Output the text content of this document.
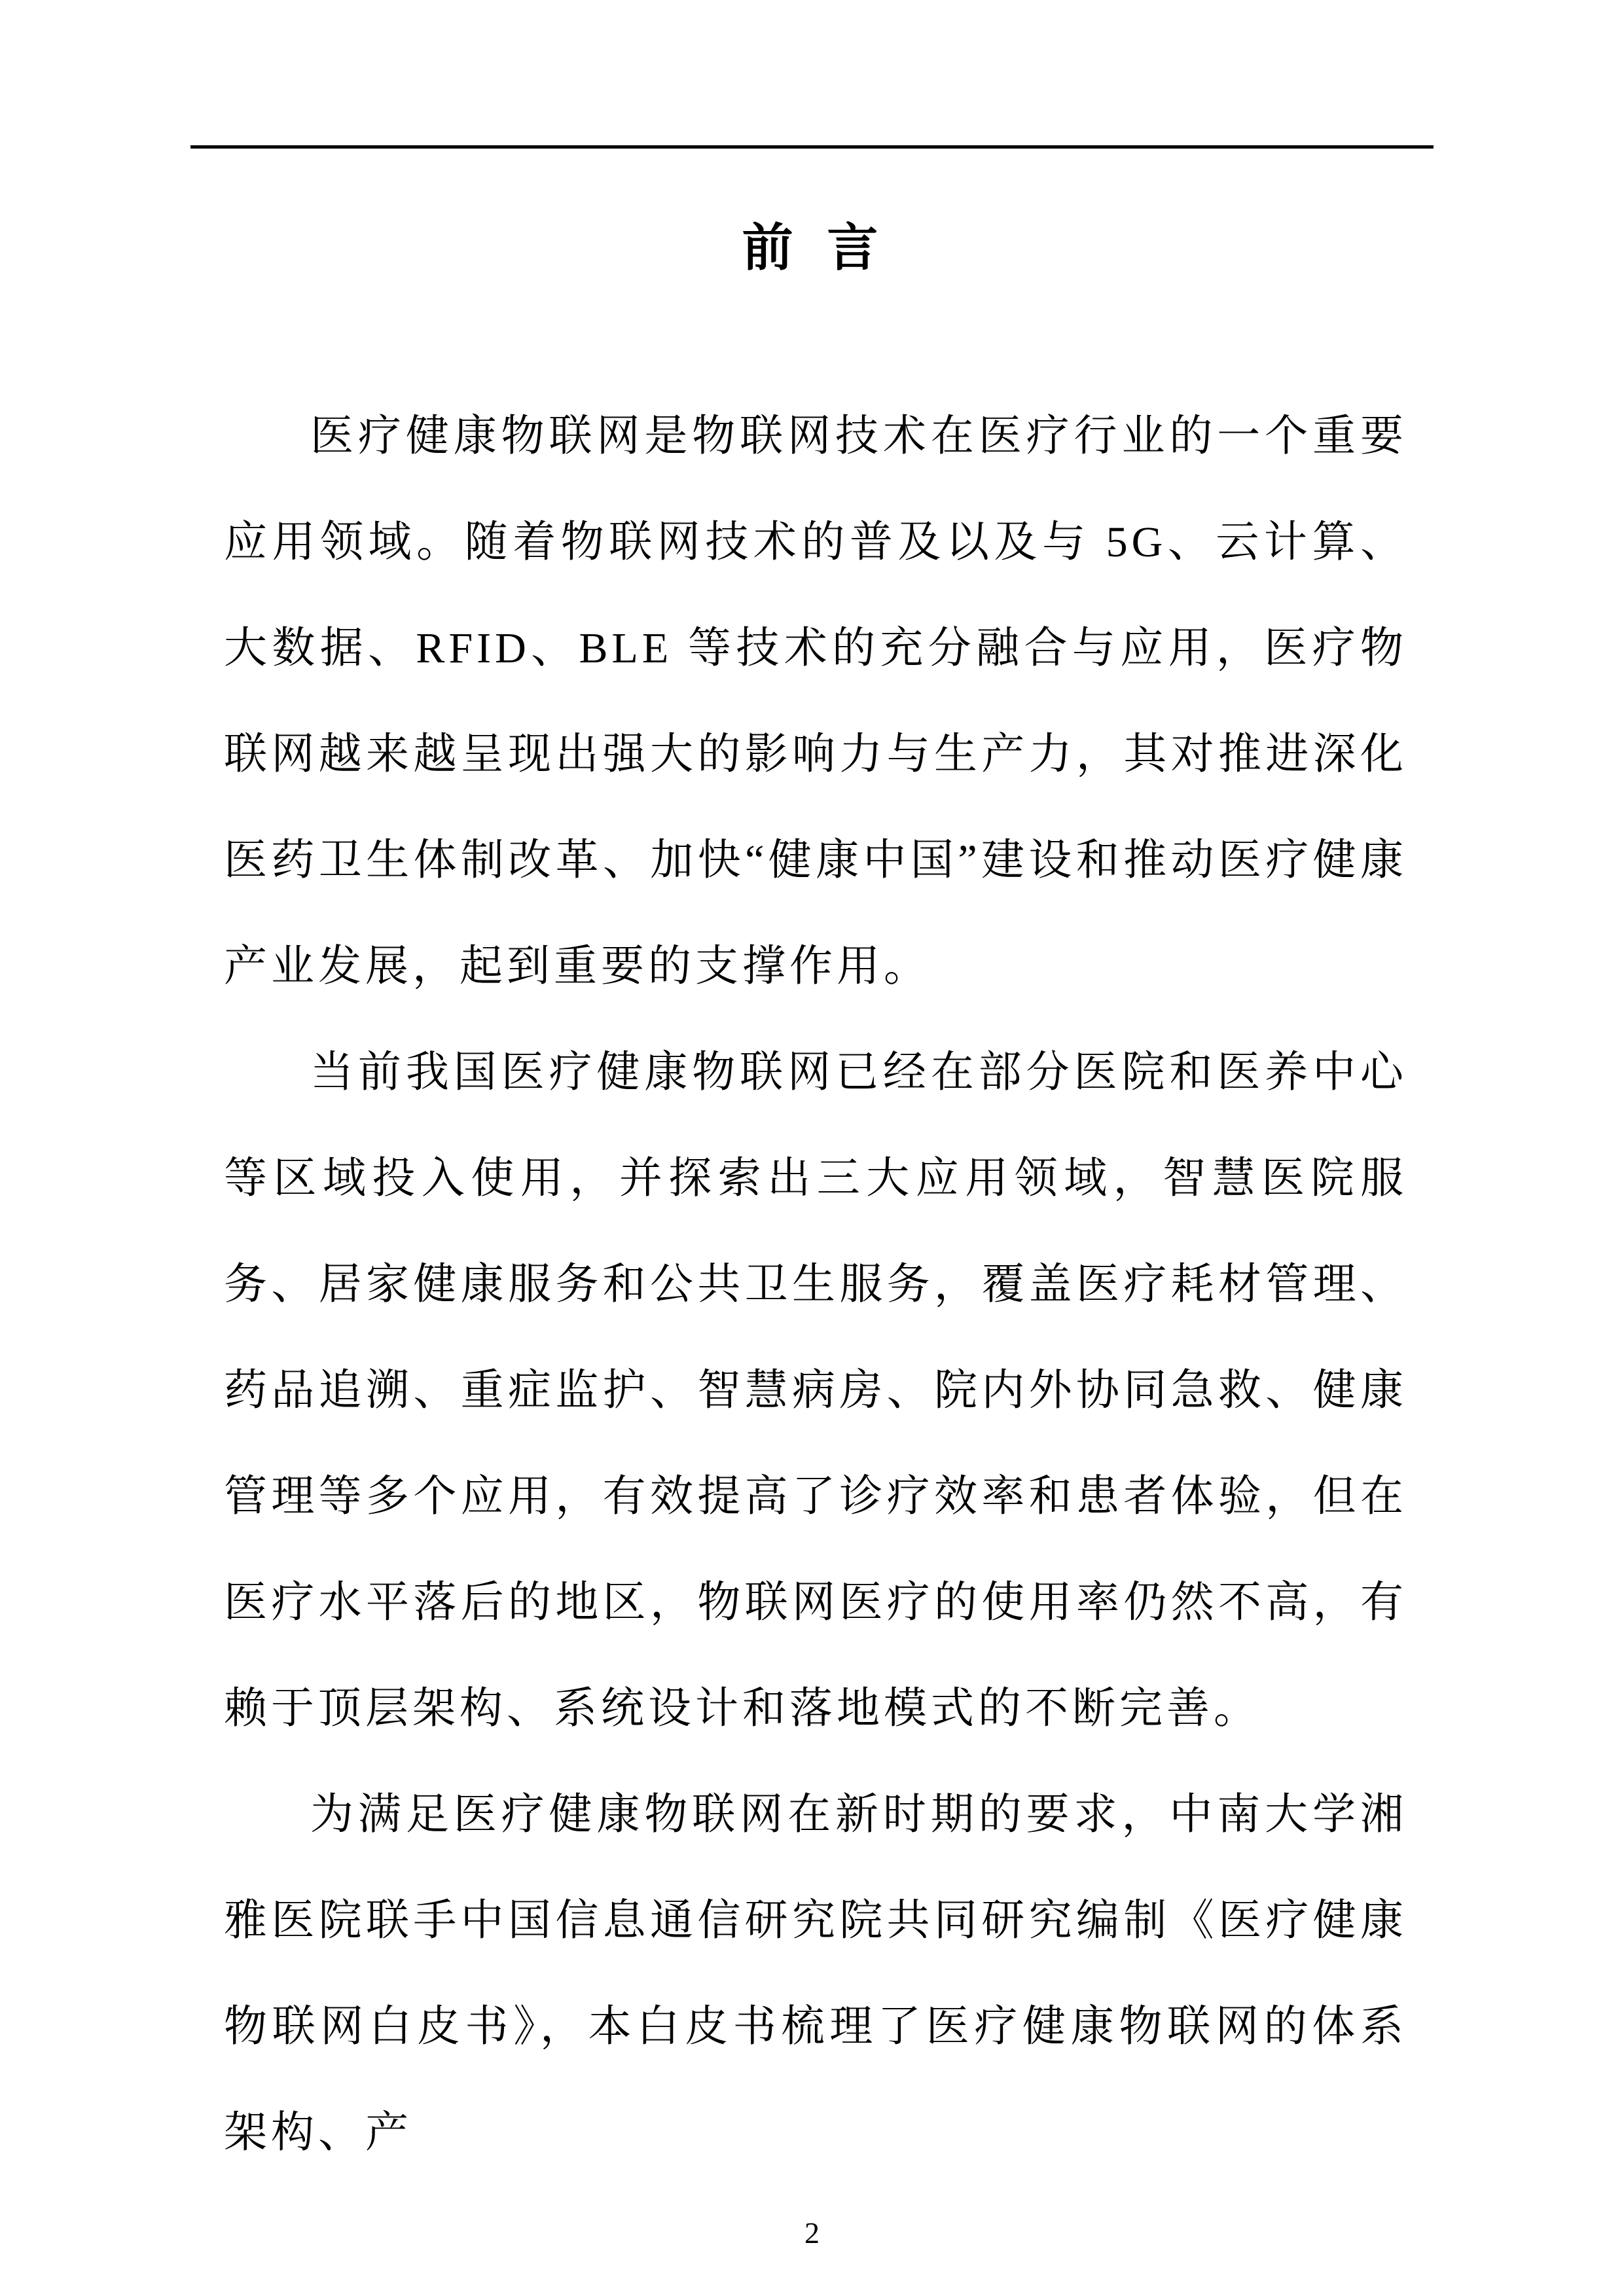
前 言

医疗健康物联网是物联网技术在医疗行业的一个重要应用领域。随着物联网技术的普及以及与 5G、云计算、大数据、RFID、BLE 等技术的充分融合与应用，医疗物联网越来越呈现出强大的影响力与生产力，其对推进深化医药卫生体制改革、加快“健康中国”建设和推动医疗健康产业发展，起到重要的支撑作用。

当前我国医疗健康物联网已经在部分医院和医养中心等区域投入使用，并探索出三大应用领域，智慧医院服务、居家健康服务和公共卫生服务，覆盖医疗耗材管理、药品追溯、重症监护、智慧病房、院内外协同急救、健康管理等多个应用，有效提高了诊疗效率和患者体验，但在医疗水平落后的地区，物联网医疗的使用率仍然不高，有赖于顶层架构、系统设计和落地模式的不断完善。

为满足医疗健康物联网在新时期的要求，中南大学湘雅医院联手中国信息通信研究院共同研究编制《医疗健康物联网白皮书》，本白皮书梳理了医疗健康物联网的体系架构、产

2
